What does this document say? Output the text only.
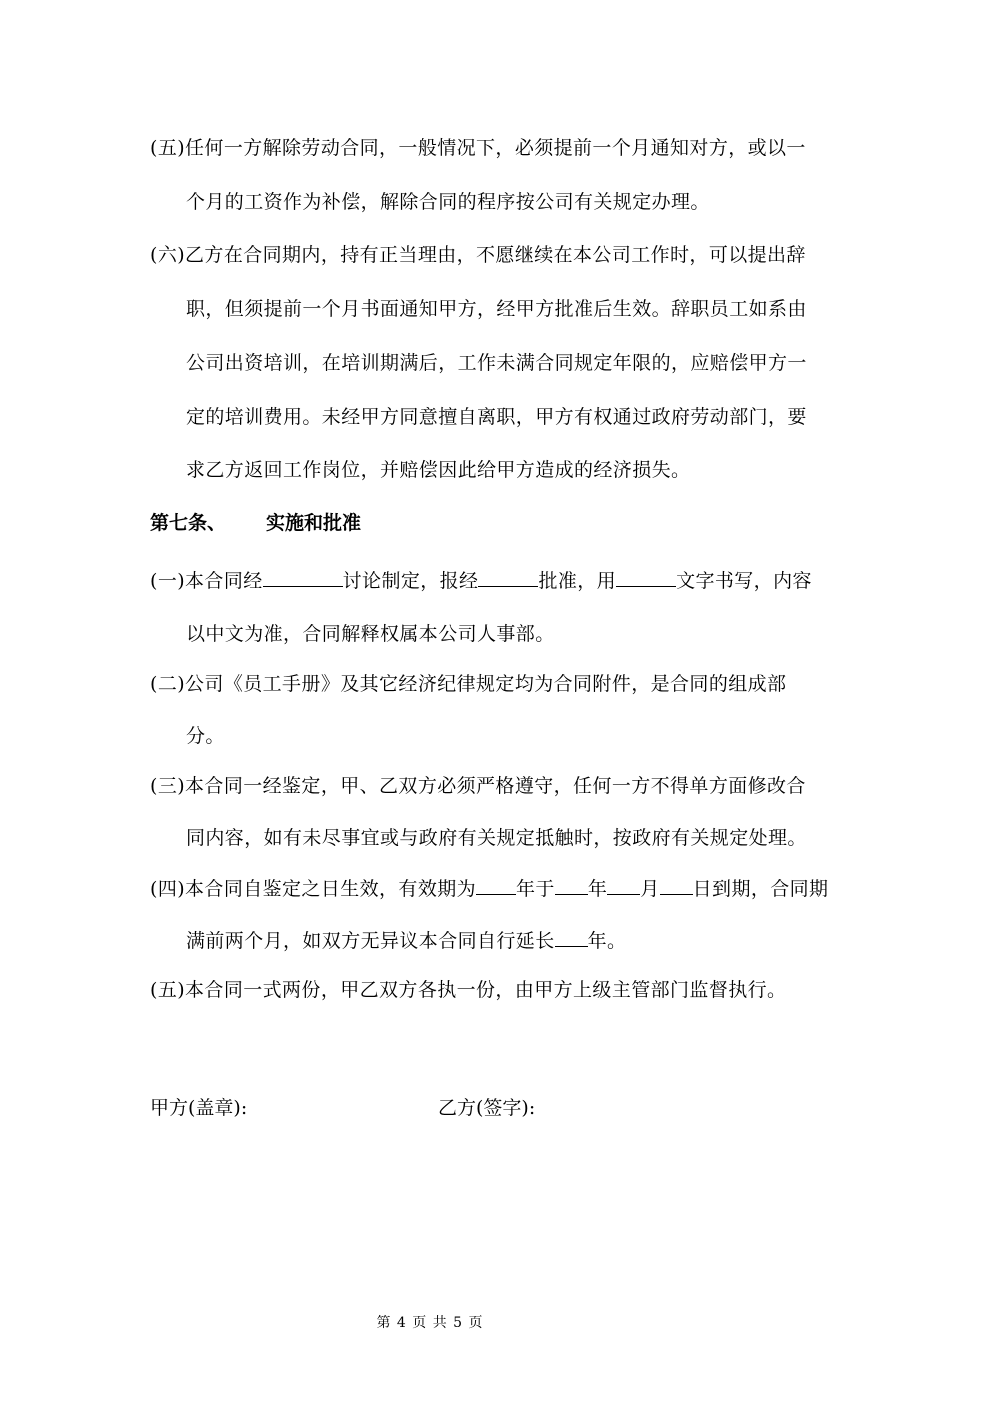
(五)任何一方解除劳动合同，一般情况下，必须提前一个月通知对方，或以一
个月的工资作为补偿，解除合同的程序按公司有关规定办理。
(六)乙方在合同期内，持有正当理由，不愿继续在本公司工作时，可以提出辞
职，但须提前一个月书面通知甲方，经甲方批准后生效。辞职员工如系由
公司出资培训，在培训期满后，工作未满合同规定年限的，应赔偿甲方一
定的培训费用。未经甲方同意擅自离职，甲方有权通过政府劳动部门，要
求乙方返回工作岗位，并赔偿因此给甲方造成的经济损失。
第七条、 实施和批准
(一)本合同经	讨论制定，报经	批准，用	文字书写，内容
以中文为准，合同解释权属本公司人事部。
(二)公司《员工手册》及其它经济纪律规定均为合同附件，是合同的组成部
分。
(三)本合同一经鉴定，甲、乙双方必须严格遵守，任何一方不得单方面修改合
同内容，如有未尽事宜或与政府有关规定抵触时，按政府有关规定处理。
(四)本合同自鉴定之日生效，有效期为 年于 年 月 日到期，合同期
满前两个月，如双方无异议本合同自行延长 年。
(五)本合同一式两份，甲乙双方各执一份，由甲方上级主管部门监督执行。
甲方(盖章):	乙方(签字):
第 4 页 共 5 页
